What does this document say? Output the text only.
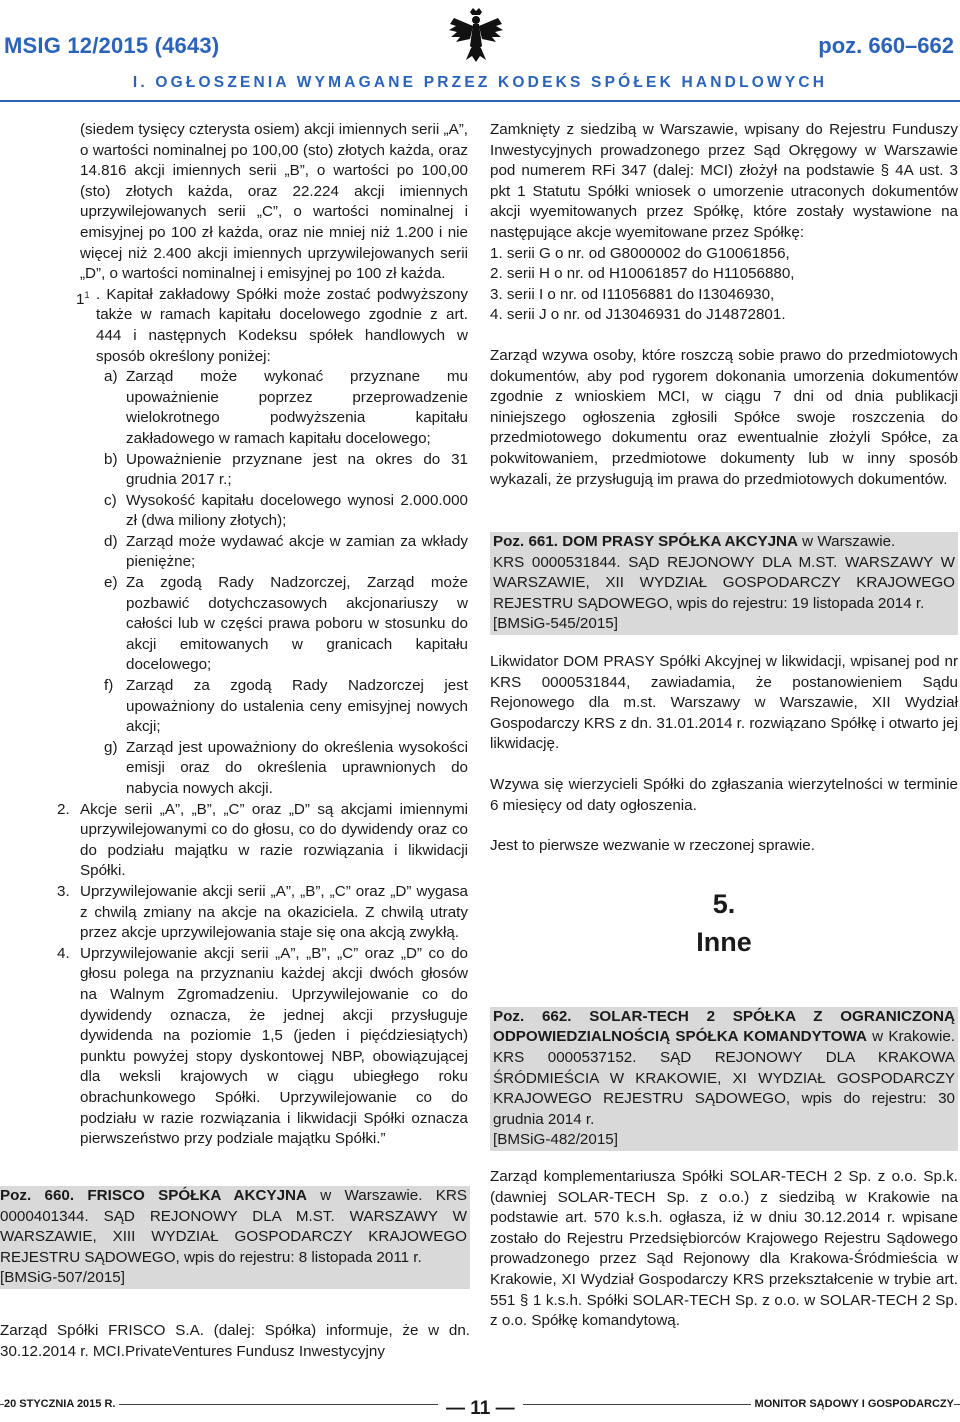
MSIG 12/2015 (4643)	poz. 660–662
I. OGŁOSZENIA WYMAGANE PRZEZ KODEKS SPÓŁEK HANDLOWYCH

(siedem tysięcy czterysta osiem) akcji imiennych serii „A”, o wartości nominalnej po 100,00 (sto) złotych każda, oraz 14.816 akcji imiennych serii „B”, o wartości po 100,00 (sto) złotych każda, oraz 22.224 akcji imiennych uprzywilejowanych serii „C”, o wartości nominalnej i emisyjnej po 100 zł każda, oraz nie mniej niż 1.200 i nie więcej niż 2.400 akcji imiennych uprzywilejowanych serii „D”, o wartości nominalnej i emisyjnej po 100 zł każda.

$1^1$ . Kapitał zakładowy Spółki może zostać podwyższony także w ramach kapitału docelowego zgodnie z art. 444 i następnych Kodeksu spółek handlowych w sposób określony poniżej:
a) Zarząd może wykonać przyznane mu upoważnienie poprzez przeprowadzenie wielokrotnego podwyższenia kapitału zakładowego w ramach kapitału docelowego;
b) Upoważnienie przyznane jest na okres do 31 grudnia 2017 r.;
c) Wysokość kapitału docelowego wynosi 2.000.000 zł (dwa miliony złotych);
d) Zarząd może wydawać akcje w zamian za wkłady pieniężne;
e) Za zgodą Rady Nadzorczej, Zarząd może pozbawić dotychczasowych akcjonariuszy w całości lub w części prawa poboru w stosunku do akcji emitowanych w granicach kapitału docelowego;
f) Zarząd za zgodą Rady Nadzorczej jest upoważniony do ustalenia ceny emisyjnej nowych akcji;
g) Zarząd jest upoważniony do określenia wysokości emisji oraz do określenia uprawnionych do nabycia nowych akcji.
2. Akcje serii „A”, „B”, „C” oraz „D” są akcjami imiennymi uprzywilejowanymi co do głosu, co do dywidendy oraz co do podziału majątku w razie rozwiązania i likwidacji Spółki.
3. Uprzywilejowanie akcji serii „A”, „B”, „C” oraz „D” wygasa z chwilą zmiany na akcje na okaziciela. Z chwilą utraty przez akcje uprzywilejowania staje się ona akcją zwykłą.
4. Uprzywilejowanie akcji serii „A”, „B”, „C” oraz „D” co do głosu polega na przyznaniu każdej akcji dwóch głosów na Walnym Zgromadzeniu. Uprzywilejowanie co do dywidendy oznacza, że jednej akcji przysługuje dywidenda na poziomie 1,5 (jeden i pięćdziesiątych) punktu powyżej stopy dyskontowej NBP, obowiązującej dla weksli krajowych w ciągu ubiegłego roku obrachunkowego Spółki. Uprzywilejowanie co do podziału w razie rozwiązania i likwidacji Spółki oznacza pierwszeństwo przy podziale majątku Spółki.”
Poz. 660. FRISCO SPÓŁKA AKCYJNA w Warszawie. KRS 0000401344. SĄD REJONOWY DLA M.ST. WARSZAWY W WARSZAWIE, XIII WYDZIAŁ GOSPODARCZY KRAJOWEGO REJESTRU SĄDOWEGO, wpis do rejestru: 8 listopada 2011 r.
[BMSiG-507/2015]

Zarząd Spółki FRISCO S.A. (dalej: Spółka) informuje, że w dn. 30.12.2014 r. MCI.PrivateVentures Fundusz Inwestycyjny

Zamknięty z siedzibą w Warszawie, wpisany do Rejestru Funduszy Inwestycyjnych prowadzonego przez Sąd Okręgowy w Warszawie pod numerem RFi 347 (dalej: MCI) złożył na podstawie § 4A ust. 3 pkt 1 Statutu Spółki wniosek o umorzenie utraconych dokumentów akcji wyemitowanych przez Spółkę, które zostały wystawione na następujące akcje wyemitowane przez Spółkę:

1. serii G o nr. od G8000002 do G10061856,
2. serii H o nr. od H10061857 do H11056880,
3. serii I o nr. od I11056881 do I13046930,
4. serii J o nr. od J13046931 do J14872801.

Zarząd wzywa osoby, które roszczą sobie prawo do przedmiotowych dokumentów, aby pod rygorem dokonania umorzenia dokumentów zgodnie z wnioskiem MCI, w ciągu 7 dni od dnia publikacji niniejszego ogłoszenia zgłosili Spółce swoje roszczenia do przedmiotowego dokumentu oraz ewentualnie złożyli Spółce, za pokwitowaniem, przedmiotowe dokumenty lub w inny sposób wykazali, że przysługują im prawa do przedmiotowych dokumentów.

Poz. 661. DOM PRASY SPÓŁKA AKCYJNA w Warszawie.
KRS 0000531844. SĄD REJONOWY DLA M.ST. WARSZAWY W WARSZAWIE, XII WYDZIAŁ GOSPODARCZY KRAJOWEGO REJESTRU SĄDOWEGO, wpis do rejestru: 19 listopada 2014 r.
[BMSiG-545/2015]

Likwidator DOM PRASY Spółki Akcyjnej w likwidacji, wpisanej pod nr KRS 0000531844, zawiadamia, że postanowieniem Sądu Rejonowego dla m.st. Warszawy w Warszawie, XII Wydział Gospodarczy KRS z dn. 31.01.2014 r. rozwiązano Spółkę i otwarto jej likwidację.

Wzywa się wierzycieli Spółki do zgłaszania wierzytelności w terminie 6 miesięcy od daty ogłoszenia.

Jest to pierwsze wezwanie w rzeczonej sprawie.

5.
Inne
Poz. 662. SOLAR-TECH 2 SPÓŁKA Z OGRANICZONĄ ODPOWIEDZIALNOŚCIĄ SPÓŁKA KOMANDYTOWA w Krakowie. KRS 0000537152. SĄD REJONOWY DLA KRAKOWA ŚRÓDMIEŚCIA W KRAKOWIE, XI WYDZIAŁ GOSPODARCZY KRAJOWEGO REJESTRU SĄDOWEGO, wpis do rejestru: 30 grudnia 2014 r.
[BMSiG-482/2015]

Zarząd komplementariusza Spółki SOLAR-TECH 2 Sp. z o.o. Sp.k. (dawniej SOLAR-TECH Sp. z o.o.) z siedzibą w Krakowie na podstawie art. 570 k.s.h. ogłasza, iż w dniu 30.12.2014 r. wpisane zostało do Rejestru Przedsiębiorców Krajowego Rejestru Sądowego prowadzonego przez Sąd Rejonowy dla Krakowa-Śródmieścia w Krakowie, XI Wydział Gospodarczy KRS przekształcenie w trybie art. 551 § 1 k.s.h. Spółki SOLAR-TECH Sp. z o.o. w SOLAR-TECH 2 Sp. z o.o. Spółkę komandytową.

20 STYCZNIA 2015 R.	— 11 —	MONITOR SĄDOWY I GOSPODARCZY
